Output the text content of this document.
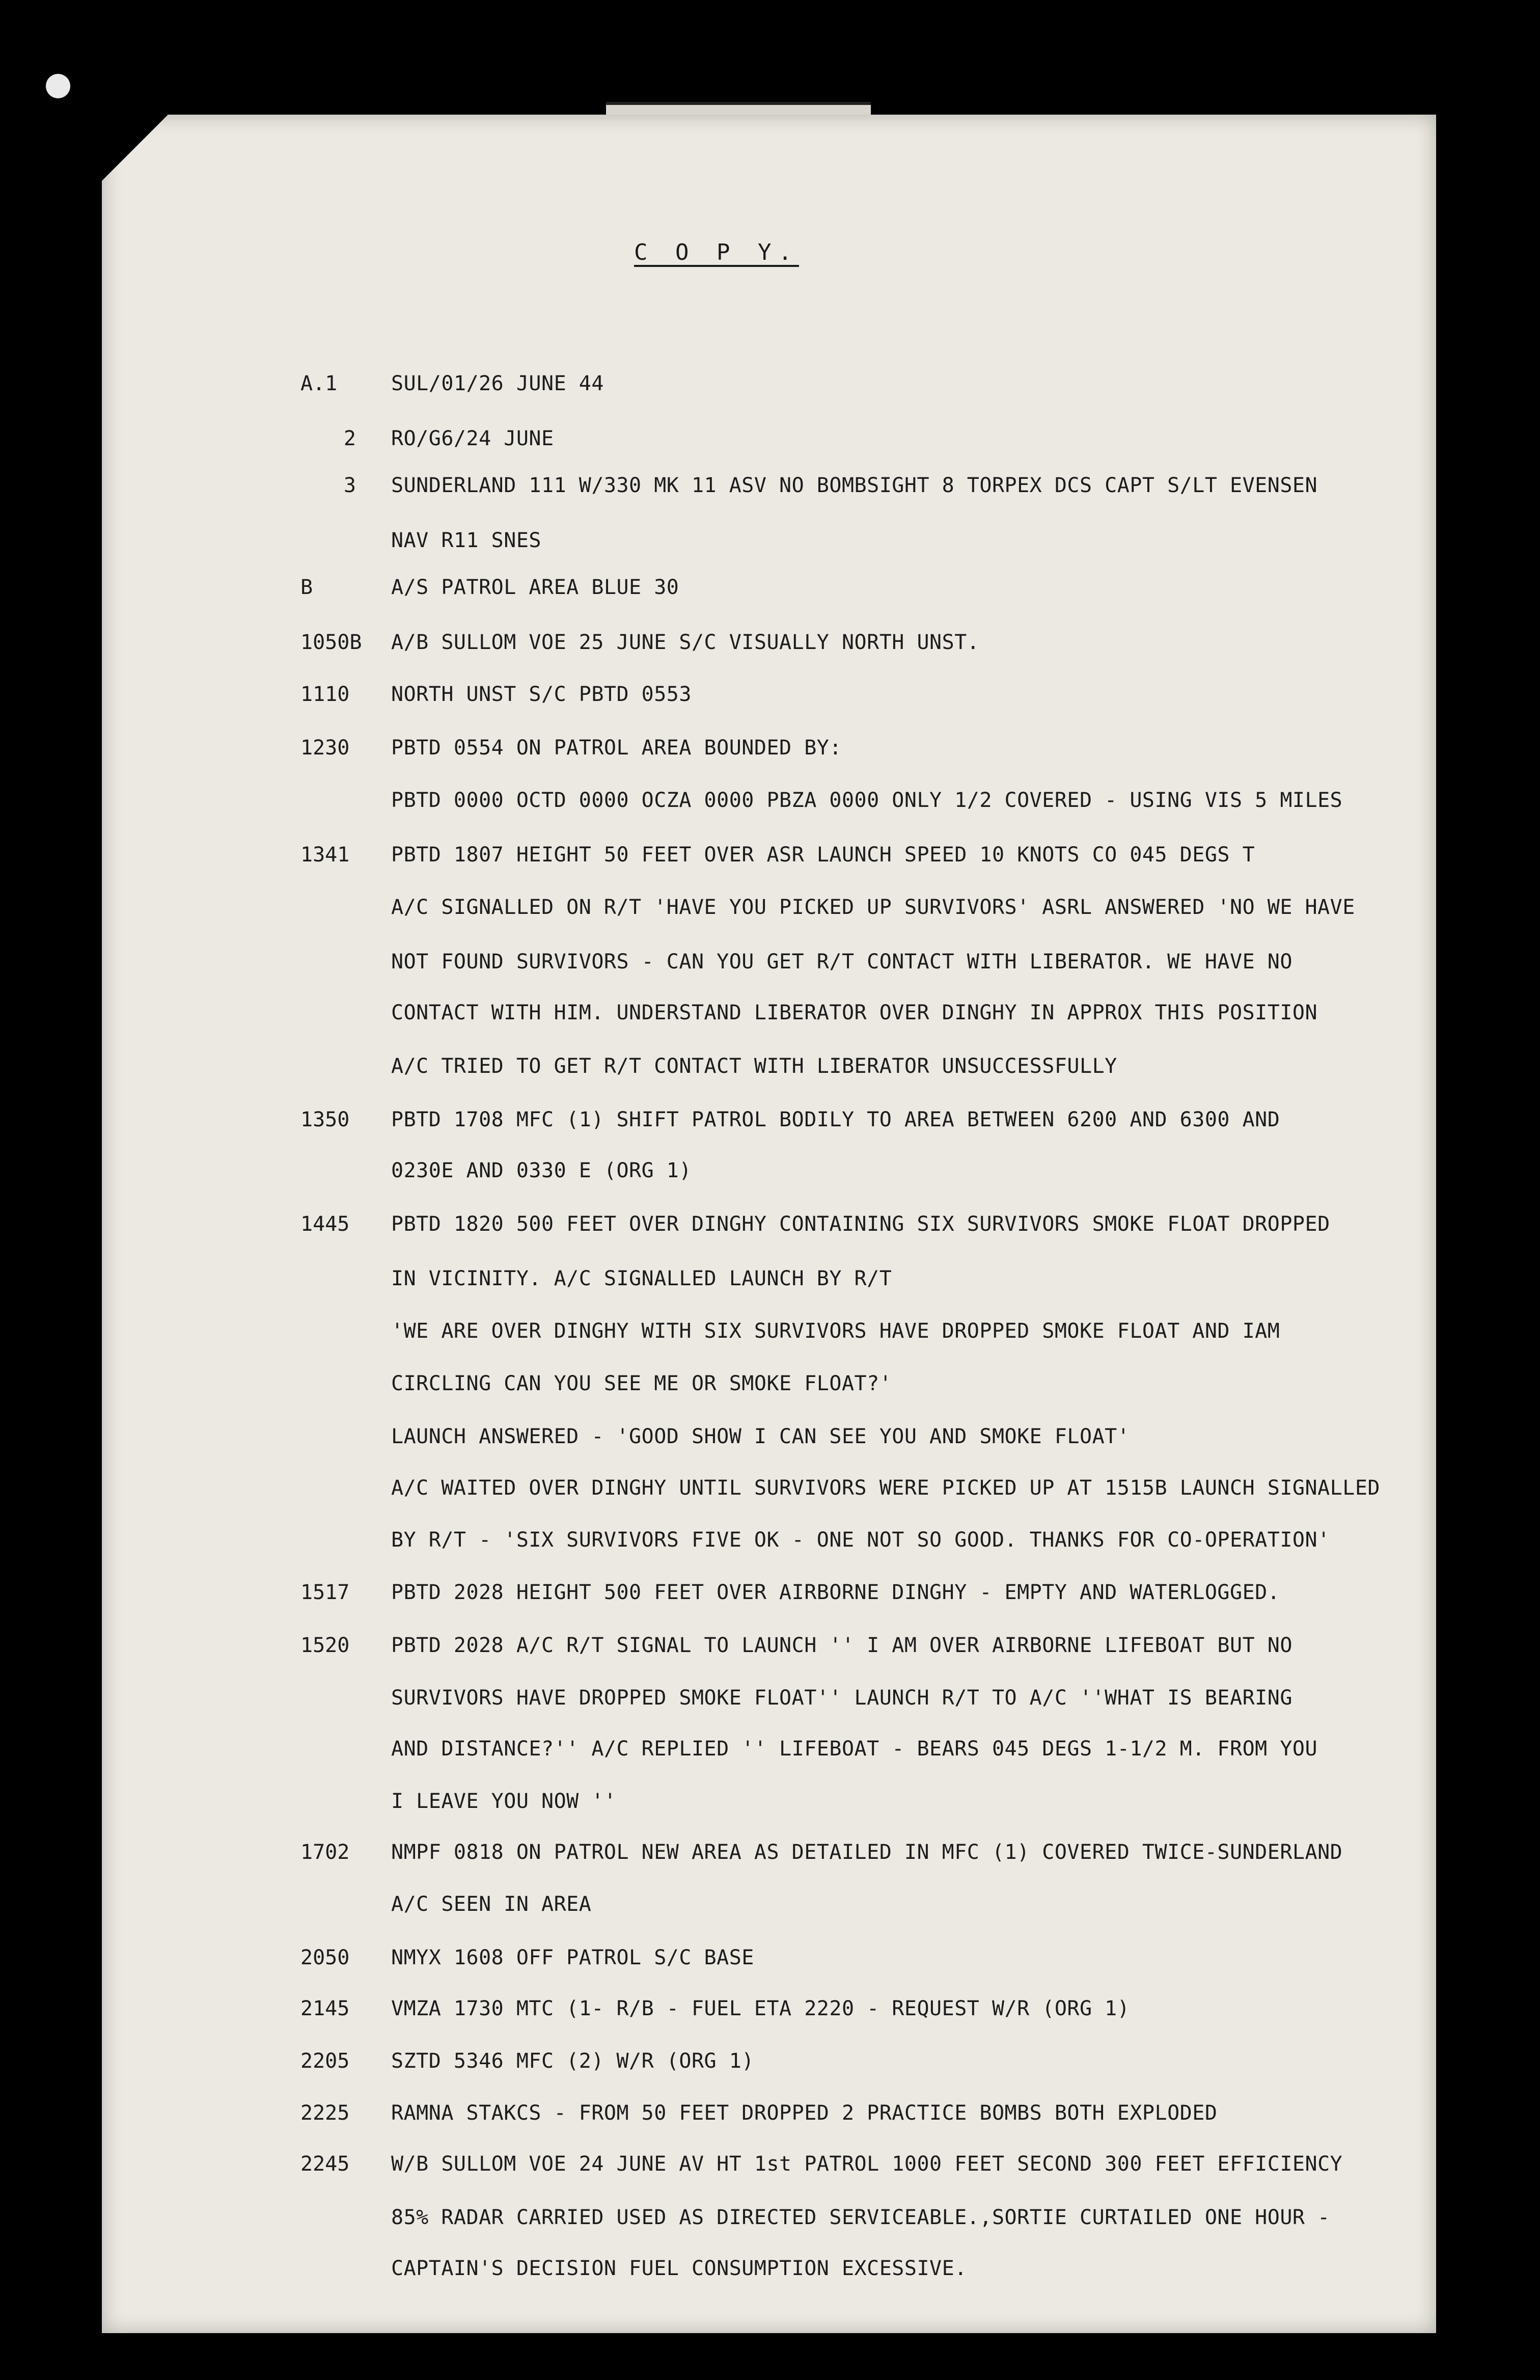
C O P Y.
A.1	SUL/01/26 JUNE 44
2 RO/G6/24 JUNE
3 SUNDERLAND 111 W/330 MK 11 ASV NO BOMBSIGHT 8 TORPEX DCS CAPT S/LT EVENSEN
NAV R11 SNES
B	A/S PATROL AREA BLUE 30
1050B A/B SULLOM VOE 25 JUNE S/C VISUALLY NORTH UNST.
1110 NORTH UNST S/C PBTD 0553
1230 PBTD 0554 ON PATROL AREA BOUNDED BY:
PBTD 0000 OCTD 0000 OCZA 0000 PBZA 0000 ONLY 1/2 COVERED - USING VIS 5 MILES
1341 PBTD 1807 HEIGHT 50 FEET OVER ASR LAUNCH SPEED 10 KNOTS CO 045 DEGS T
A/C SIGNALLED ON R/T 'HAVE YOU PICKED UP SURVIVORS' ASRL ANSWERED 'NO WE HAVE
NOT FOUND SURVIVORS - CAN YOU GET R/T CONTACT WITH LIBERATOR. WE HAVE NO
CONTACT WITH HIM. UNDERSTAND LIBERATOR OVER DINGHY IN APPROX THIS POSITION
A/C TRIED TO GET R/T CONTACT WITH LIBERATOR UNSUCCESSFULLY
1350 PBTD 1708 MFC (1) SHIFT PATROL BODILY TO AREA BETWEEN 6200 AND 6300 AND
0230E AND 0330 E (ORG 1)
1445 PBTD 1820 500 FEET OVER DINGHY CONTAINING SIX SURVIVORS SMOKE FLOAT DROPPED
IN VICINITY. A/C SIGNALLED LAUNCH BY R/T
'WE ARE OVER DINGHY WITH SIX SURVIVORS HAVE DROPPED SMOKE FLOAT AND IAM
CIRCLING CAN YOU SEE ME OR SMOKE FLOAT?'
LAUNCH ANSWERED - 'GOOD SHOW I CAN SEE YOU AND SMOKE FLOAT'
A/C WAITED OVER DINGHY UNTIL SURVIVORS WERE PICKED UP AT 1515B LAUNCH SIGNALLED
BY R/T - 'SIX SURVIVORS FIVE OK - ONE NOT SO GOOD. THANKS FOR CO-OPERATION'
1517 PBTD 2028 HEIGHT 500 FEET OVER AIRBORNE DINGHY - EMPTY AND WATERLOGGED.
1520 PBTD 2028 A/C R/T SIGNAL TO LAUNCH '' I AM OVER AIRBORNE LIFEBOAT BUT NO
SURVIVORS HAVE DROPPED SMOKE FLOAT'' LAUNCH R/T TO A/C ''WHAT IS BEARING
AND DISTANCE?'' A/C REPLIED '' LIFEBOAT - BEARS 045 DEGS 1-1/2 M. FROM YOU
I LEAVE YOU NOW ''
1702 NMPF 0818 ON PATROL NEW AREA AS DETAILED IN MFC (1) COVERED TWICE-SUNDERLAND
A/C SEEN IN AREA
2050 NMYX 1608 OFF PATROL S/C BASE
2145 VMZA 1730 MTC (1- R/B - FUEL ETA 2220 - REQUEST W/R (ORG 1)
2205 SZTD 5346 MFC (2) W/R (ORG 1)
2225 RAMNA STAKCS - FROM 50 FEET DROPPED 2 PRACTICE BOMBS BOTH EXPLODED
2245 W/B SULLOM VOE 24 JUNE AV HT 1st PATROL 1000 FEET SECOND 300 FEET EFFICIENCY
85% RADAR CARRIED USED AS DIRECTED SERVICEABLE.,SORTIE CURTAILED ONE HOUR -
CAPTAIN'S DECISION FUEL CONSUMPTION EXCESSIVE.
